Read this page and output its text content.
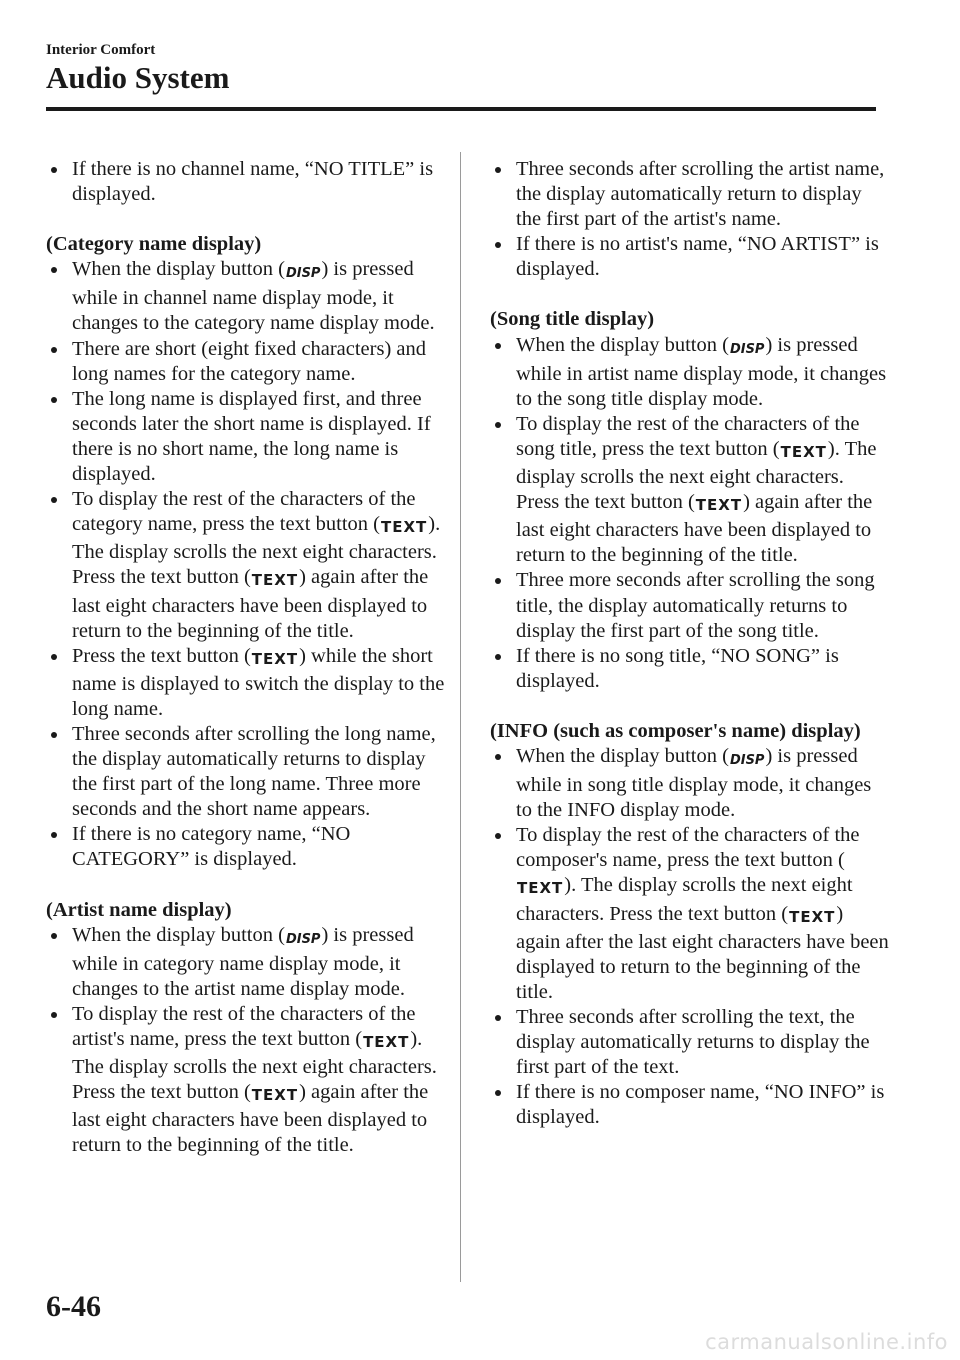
Interior Comfort
Audio System
If there is no channel name, “NO TITLE” is displayed.
(Category name display)
When the display button (DISP) is pressed while in channel name display mode, it changes to the category name display mode.
There are short (eight fixed characters) and long names for the category name.
The long name is displayed first, and three seconds later the short name is displayed. If there is no short name, the long name is displayed.
To display the rest of the characters of the category name, press the text button (TEXT). The display scrolls the next eight characters. Press the text button (TEXT) again after the last eight characters have been displayed to return to the beginning of the title.
Press the text button (TEXT) while the short name is displayed to switch the display to the long name.
Three seconds after scrolling the long name, the display automatically returns to display the first part of the long name. Three more seconds and the short name appears.
If there is no category name, “NO CATEGORY” is displayed.
(Artist name display)
When the display button (DISP) is pressed while in category name display mode, it changes to the artist name display mode.
To display the rest of the characters of the artist's name, press the text button (TEXT). The display scrolls the next eight characters. Press the text button (TEXT) again after the last eight characters have been displayed to return to the beginning of the title.
Three seconds after scrolling the artist name, the display automatically return to display the first part of the artist's name.
If there is no artist's name, “NO ARTIST” is displayed.
(Song title display)
When the display button (DISP) is pressed while in artist name display mode, it changes to the song title display mode.
To display the rest of the characters of the song title, press the text button (TEXT). The display scrolls the next eight characters. Press the text button (TEXT) again after the last eight characters have been displayed to return to the beginning of the title.
Three more seconds after scrolling the song title, the display automatically returns to display the first part of the song title.
If there is no song title, “NO SONG” is displayed.
(INFO (such as composer's name) display)
When the display button (DISP) is pressed while in song title display mode, it changes to the INFO display mode.
To display the rest of the characters of the composer's name, press the text button (TEXT). The display scrolls the next eight characters. Press the text button (TEXT) again after the last eight characters have been displayed to return to the beginning of the title.
Three seconds after scrolling the text, the display automatically returns to display the first part of the text.
If there is no composer name, “NO INFO” is displayed.
6-46
carmanualsonline.info
